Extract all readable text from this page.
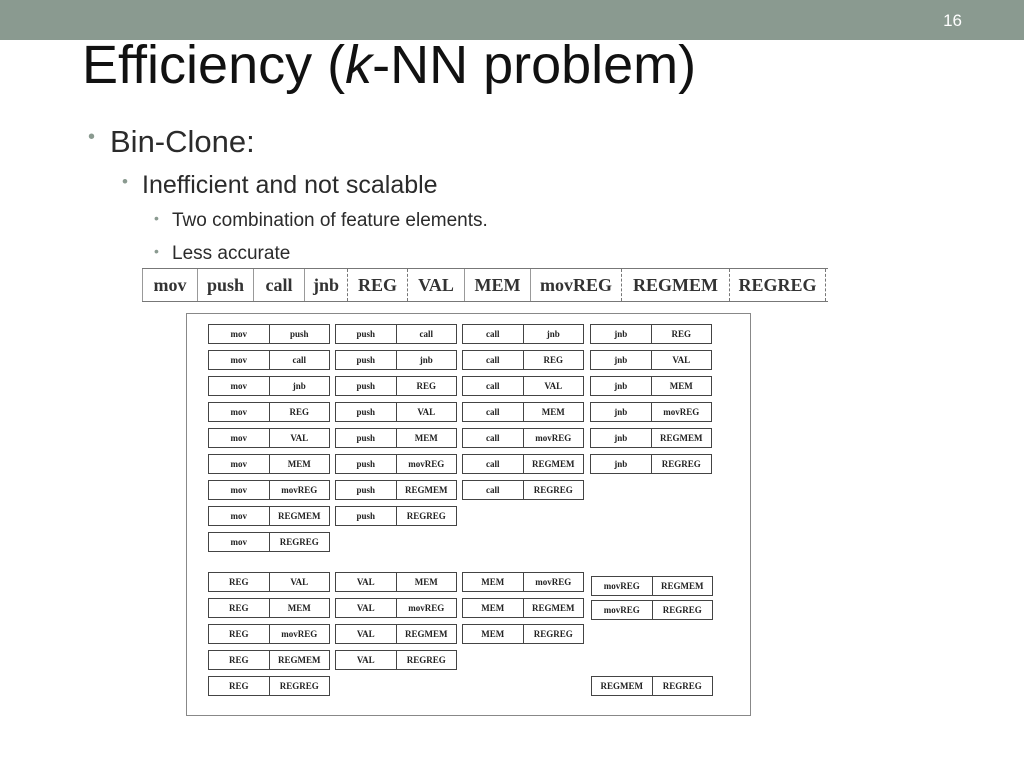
16
Efficiency (k-NN problem)
• Bin-Clone:
• Inefficient and not scalable
• Two combination of feature elements.
• Less accurate
mov	push	call	jnb	REG	VAL	MEM	movREG	REGMEM	REGREG
mov	push
mov	call
mov	jnb
mov	REG
mov	VAL
mov	MEM
mov	movREG
mov	REGMEM
mov	REGREG
push	call
push	jnb
push	REG
push	VAL
push	MEM
push	movREG
push	REGMEM
push	REGREG
call	jnb
call	REG
call	VAL
call	MEM
call	movREG
call	REGMEM
call	REGREG
jnb	REG
jnb	VAL
jnb	MEM
jnb	movREG
jnb	REGMEM
jnb	REGREG
REG	VAL
REG	MEM
REG	movREG
REG	REGMEM
REG	REGREG
VAL	MEM
VAL	movREG
VAL	REGMEM
VAL	REGREG
MEM	movREG
MEM	REGMEM
MEM	REGREG
movREG	REGMEM
movREG	REGREG
REGMEM	REGREG
